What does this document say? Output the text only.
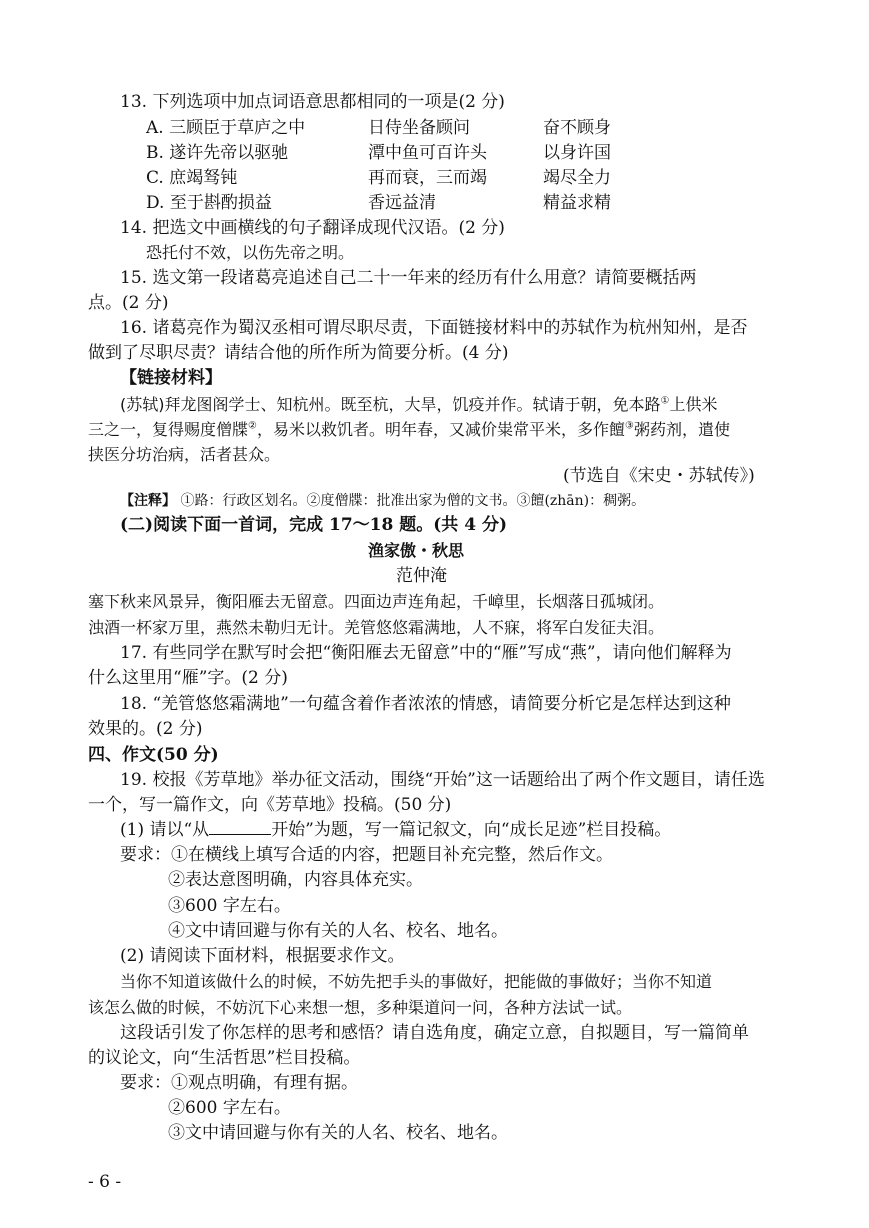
13. 下列选项中加点词语意思都相同的一项是(2 分)
A. 三顾臣于草庐之中	日侍坐备顾问	奋不顾身
B. 遂许先帝以驱驰	潭中鱼可百许头	以身许国
C. 庶竭驽钝	再而衰，三而竭	竭尽全力
D. 至于斟酌损益	香远益清	精益求精
14. 把选文中画横线的句子翻译成现代汉语。(2 分)
恐托付不效，以伤先帝之明。
15. 选文第一段诸葛亮追述自己二十一年来的经历有什么用意？请简要概括两
点。(2 分)
16. 诸葛亮作为蜀汉丞相可谓尽职尽责，下面链接材料中的苏轼作为杭州知州，是否
做到了尽职尽责？请结合他的所作所为简要分析。(4 分)
【链接材料】
(苏轼)拜龙图阁学士、知杭州。既至杭，大旱，饥疫并作。轼请于朝，免本路①上供米
三之一，复得赐度僧牒②，易米以救饥者。明年春，又减价粜常平米，多作饘③粥药剂，遣使
挟医分坊治病，活者甚众。
(节选自《宋史・苏轼传》)
【注释】 ①路：行政区划名。②度僧牒：批准出家为僧的文书。③饘(zhān)：稠粥。
(二)阅读下面一首词，完成 17～18 题。(共 4 分)
渔家傲・秋思
范仲淹
塞下秋来风景异，衡阳雁去无留意。四面边声连角起，千嶂里，长烟落日孤城闭。
浊酒一杯家万里，燕然未勒归无计。羌管悠悠霜满地，人不寐，将军白发征夫泪。
17. 有些同学在默写时会把“衡阳雁去无留意”中的“雁”写成“燕”，请向他们解释为
什么这里用“雁”字。(2 分)
18. “羌管悠悠霜满地”一句蕴含着作者浓浓的情感，请简要分析它是怎样达到这种
效果的。(2 分)
四、作文(50 分)
19. 校报《芳草地》举办征文活动，围绕“开始”这一话题给出了两个作文题目，请任选
一个，写一篇作文，向《芳草地》投稿。(50 分)
(1) 请以“从	开始”为题，写一篇记叙文，向“成长足迹”栏目投稿。
要求：①在横线上填写合适的内容，把题目补充完整，然后作文。
②表达意图明确，内容具体充实。
③600 字左右。
④文中请回避与你有关的人名、校名、地名。
(2) 请阅读下面材料，根据要求作文。
当你不知道该做什么的时候，不妨先把手头的事做好，把能做的事做好；当你不知道
该怎么做的时候，不妨沉下心来想一想，多种渠道问一问，各种方法试一试。
这段话引发了你怎样的思考和感悟？请自选角度，确定立意，自拟题目，写一篇简单
的议论文，向“生活哲思”栏目投稿。
要求：①观点明确，有理有据。
②600 字左右。
③文中请回避与你有关的人名、校名、地名。
- 6 -
